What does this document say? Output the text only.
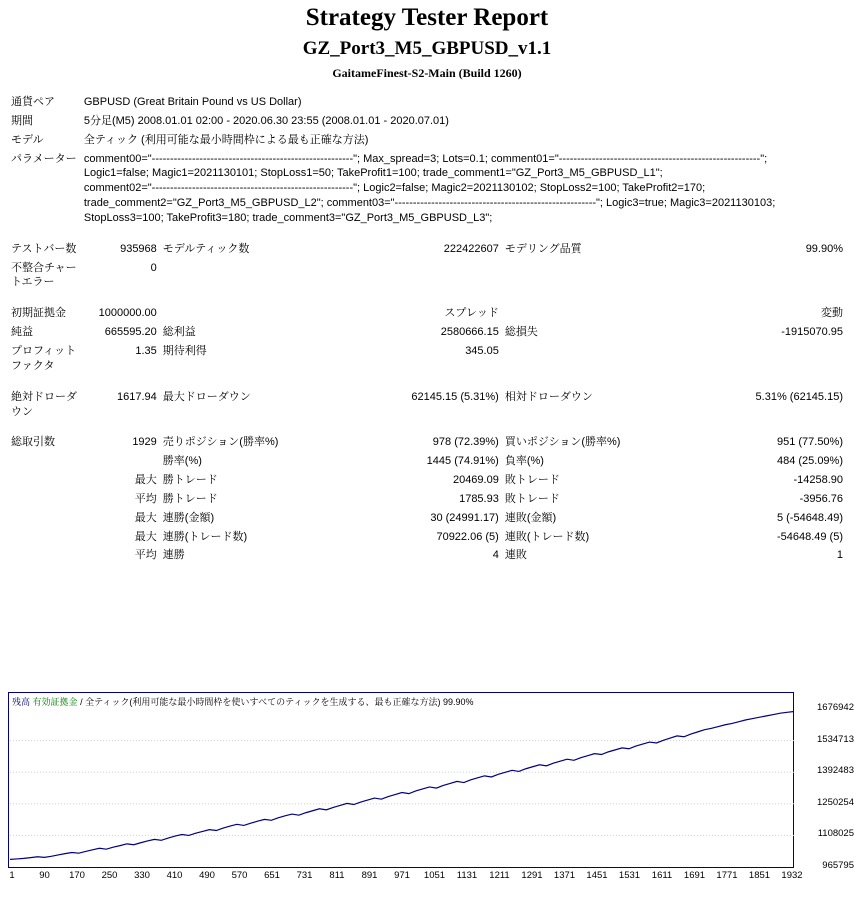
Strategy Tester Report
GZ_Port3_M5_GBPUSD_v1.1
GaitameFinest-S2-Main (Build 1260)
通貨ペア	GBPUSD (Great Britain Pound vs US Dollar)				
期間	5分足(M5) 2008.01.01 02:00 - 2020.06.30 23:55 (2008.01.01 - 2020.07.01)				
モデル	全ティック (利用可能な最小時間枠による最も正確な方法)				
パラメーター	comment00="-------------------------------------------------------"; Max_spread=3; Lots=0.1; comment01="-------------------------------------------------------";
Logic1=false; Magic1=2021130101; StopLoss1=50; TakeProfit1=100; trade_comment1="GZ_Port3_M5_GBPUSD_L1";
comment02="-------------------------------------------------------"; Logic2=false; Magic2=2021130102; StopLoss2=100; TakeProfit2=170;
trade_comment2="GZ_Port3_M5_GBPUSD_L2"; comment03="-------------------------------------------------------"; Logic3=true; Magic3=2021130103;
StopLoss3=100; TakeProfit3=180; trade_comment3="GZ_Port3_M5_GBPUSD_L3";				

テストバー数	935968	モデルティック数	222422607	モデリング品質	99.90%
不整合チャートエラー	0				

初期証拠金	1000000.00		スプレッド		変動
純益	665595.20	総利益	2580666.15	総損失	-1915070.95
プロフィットファクタ	1.35	期待利得	345.05		

絶対ドローダウン	1617.94	最大ドローダウン	62145.15 (5.31%)	相対ドローダウン	5.31% (62145.15)

総取引数	1929	売りポジション(勝率%)	978 (72.39%)	買いポジション(勝率%)	951 (77.50%)
		勝率(%)	1445 (74.91%)	負率(%)	484 (25.09%)
	最大	勝トレード	20469.09	敗トレード	-14258.90
	平均	勝トレード	1785.93	敗トレード	-3956.76
	最大	連勝(金額)	30 (24991.17)	連敗(金額)	5 (-54648.49)
	最大	連勝(トレード数)	70922.06 (5)	連敗(トレード数)	-54648.49 (5)
	平均	連勝	4	連敗	1
残高 有効証拠金 / 全ティック(利用可能な最小時間枠を使いすべてのティックを生成する、最も正確な方法) 99.90%	1676942
1534713
1392483
1250254
1108025
965795
1	90 170 250 330 410 490 570 651 731 811 891 971 1051 1131 1211 1291 1371 1451 1531 1611 1691 1771 1851 1932
